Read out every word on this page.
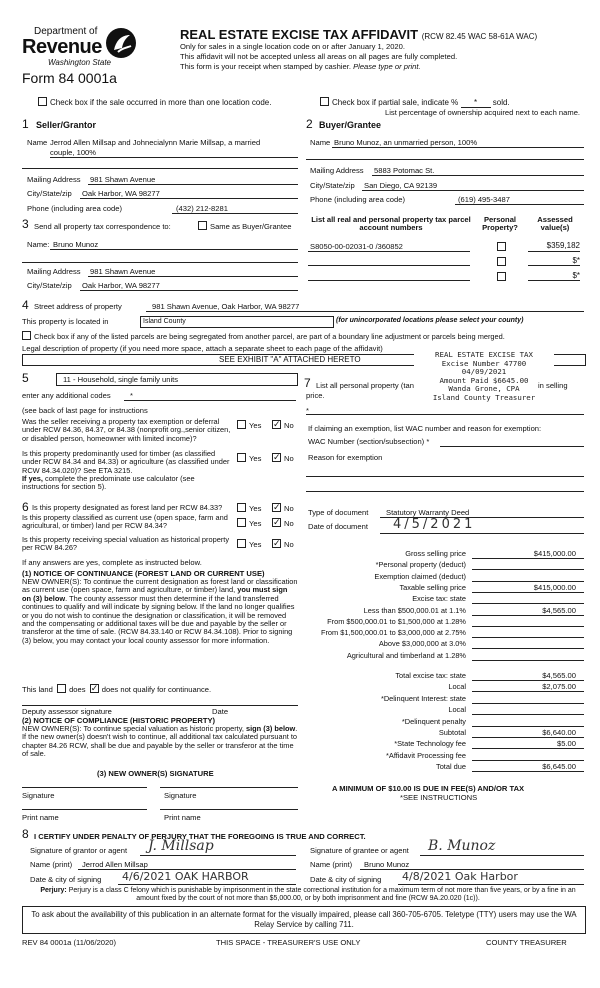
Department of
Revenue
Washington State
Form 84 0001a
REAL ESTATE EXCISE TAX AFFIDAVIT (RCW 82.45 WAC 58-61A WAC)
Only for sales in a single location code on or after January 1, 2020.
This affidavit will not be accepted unless all areas on all pages are fully completed.
This form is your receipt when stamped by cashier. Please type or print.
Check box if the sale occurred in more than one location code.	Check box if partial sale, indicate % * sold.
List percentage of ownership acquired next to each name.
1 Seller/Grantor
Name Jerrod Allen Millsap and Johnecialynn Marie Millsap, a married
couple, 100%
Mailing Address 981 Shawn Avenue
City/State/zip Oak Harbor, WA 98277
Phone (including area code)	(432) 212-8281
2 Buyer/Grantee
Name Bruno Munoz, an unmarried person, 100%
Mailing Address 5883 Potomac St.
City/State/zip San Diego, CA 92139
Phone (including area code)	(619) 495-3487
3 Send all property tax correspondence to:	Same as Buyer/Grantee
Name: Bruno Munoz
Mailing Address 981 Shawn Avenue
City/State/zip Oak Harbor, WA 98277
List all real and personal property tax parcel account numbers
Personal Property?
Assessed value(s)
S8050-00-02031-0 /360852	$359,182
$*
$*
4 Street address of property	981 Shawn Avenue, Oak Harbor, WA 98277
This property is located in	Island County	(for unincorporated locations please select your county)
Check box if any of the listed parcels are being segregated from another parcel, are part of a boundary line adjustment or parcels being merged.
Legal description of property (if you need more space, attach a separate sheet to each page of the affidavit)
SEE EXHIBIT "A" ATTACHED HERETO
REAL ESTATE EXCISE TAX
Excise Number 47700
04/09/2021
Amount Paid $6645.00
Wanda Grone, CPA
Island County Treasurer
5	11 - Household, single family units
enter any additional codes	*
(see back of last page for instructions
Was the seller receiving a property tax exemption or deferral under RCW 84.36, 84.37, or 84.38 (nonprofit org.,senior citizen, or disabled person, homeowner with limited income)?
Yes ✓	No
Is this property predominantly used for timber (as classified under RCW 84.34 and 84.33) or agriculture (as classified under RCW 84.34.020)? See ETA 3215.
If yes, complete the predominate use calculator (see instructions for section 5).
Yes ✓	No
6 Is this property designated as forest land per RCW 84.33?	Yes ✓	No
Is this property classified as current use (open space, farm and agricultural, or timber) land per RCW 84.34?	Yes ✓	No
Is this property receiving special valuation as historical property per RCW 84.26?	Yes ✓	No
If any answers are yes, complete as instructed below.
(1) NOTICE OF CONTINUANCE (FOREST LAND OR CURRENT USE)
NEW OWNER(S): To continue the current designation as forest land or classification as current use (open space, farm and agriculture, or timber) land, you must sign on (3) below. The county assessor must then determine if the land transferred continues to qualify and will indicate by signing below. If the land no longer qualifies or you do not wish to continue the designation or classification, it will be removed and the compensating or additional taxes will be due and payable by the seller or transferor at the time of sale. (RCW 84.33.140 or RCW 84.34.108). Prior to signing (3) below, you may contact your local county assessor for more information.
This land does ✓ does not qualify for continuance.
Deputy assessor signature	Date
(2) NOTICE OF COMPLIANCE (HISTORIC PROPERTY)
NEW OWNER(S): To continue special valuation as historic property, sign (3) below. If the new owner(s) doesn't wish to continue, all additional tax calculated pursuant to chapter 84.26 RCW, shall be due and payable by the seller or transferor at the time of sale.
(3) NEW OWNER(S) SIGNATURE
Signature	Signature
Print name	Print name
7 List all personal property (tan	in selling
price.
*
If claiming an exemption, list WAC number and reason for exemption:
WAC Number (section/subsection) *
Reason for exemption
Type of document Statutory Warranty Deed
Date of document 4/5/2021
Gross selling price	$415,000.00
*Personal property (deduct)
Exemption claimed (deduct)
Taxable selling price	$415,000.00
Excise tax: state
Less than $500,000.01 at 1.1%	$4,565.00
From $500,000.01 to $1,500,000 at 1.28%
From $1,500,000.01 to $3,000,000 at 2.75%
Above $3,000,000 at 3.0%
Agricultural and timberland at 1.28%
Total excise tax: state	$4,565.00
Local	$2,075.00
*Delinquent Interest: state
Local
*Delinquent penalty
Subtotal	$6,640.00
*State Technology fee	$5.00
*Affidavit Processing fee
Total due	$6,645.00
A MINIMUM OF $10.00 IS DUE IN FEE(S) AND/OR TAX
*SEE INSTRUCTIONS
8 I CERTIFY UNDER PENALTY OF PERJURY THAT THE FOREGOING IS TRUE AND CORRECT.
Signature of grantor or agent J. Millsap	Signature of grantee or agent B. Munoz
Name (print) Jerrod Allen Millsap	Name (print) Bruno Munoz
Date & city of signing 4/6/2021 OAK HARBOR	Date & city of signing 4/8/2021 Oak Harbor
Perjury: Perjury is a class C felony which is punishable by imprisonment in the state correctional institution for a maximum term of not more than five years, or by a fine in an amount fixed by the court of not more than $5,000.00, or by both imprisonment and fine (RCW 9A.20.020 (1c)).
To ask about the availability of this publication in an alternate format for the visually impaired, please call 360-705-6705. Teletype (TTY) users may use the WA Relay Service by calling 711.
REV 84 0001a (11/06/2020)	THIS SPACE - TREASURER'S USE ONLY	COUNTY TREASURER
